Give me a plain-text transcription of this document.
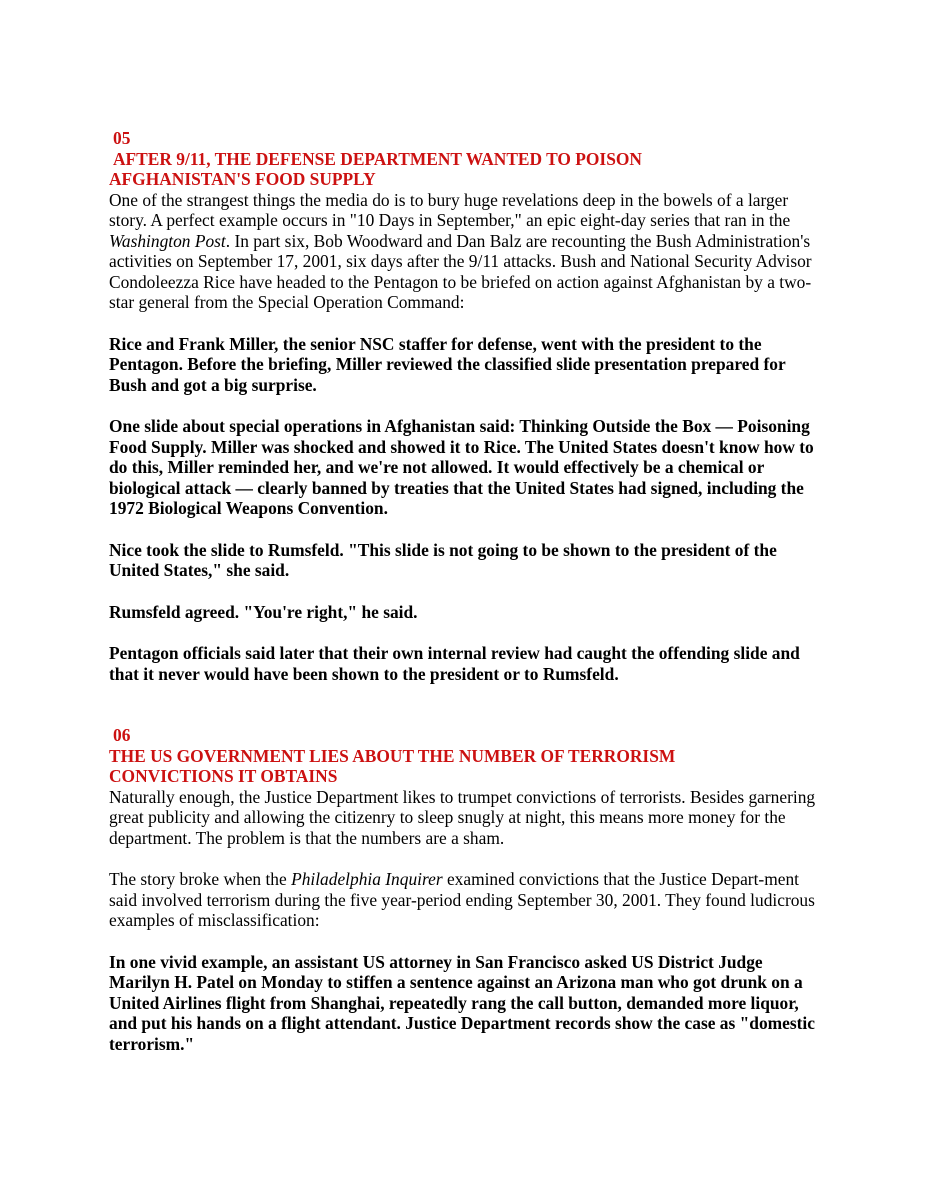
05
AFTER 9/11, THE DEFENSE DEPARTMENT WANTED TO POISON
AFGHANISTAN'S FOOD SUPPLY

One of the strangest things the media do is to bury huge revelations deep in the bowels of a larger story. A perfect example occurs in "10 Days in September," an epic eight-day series that ran in the Washington Post. In part six, Bob Woodward and Dan Balz are recounting the Bush Administration's activities on September 17, 2001, six days after the 9/11 attacks. Bush and National Security Advisor Condoleezza Rice have headed to the Pentagon to be briefed on action against Afghanistan by a two-star general from the Special Operation Command:

Rice and Frank Miller, the senior NSC staffer for defense, went with the president to the Pentagon. Before the briefing, Miller reviewed the classified slide presentation prepared for Bush and got a big surprise.

One slide about special operations in Afghanistan said: Thinking Outside the Box — Poisoning Food Supply. Miller was shocked and showed it to Rice. The United States doesn't know how to do this, Miller reminded her, and we're not allowed. It would effectively be a chemical or biological attack — clearly banned by treaties that the United States had signed, including the 1972 Biological Weapons Convention.

Nice took the slide to Rumsfeld. "This slide is not going to be shown to the president of the United States," she said.

Rumsfeld agreed. "You're right," he said.

Pentagon officials said later that their own internal review had caught the offending slide and that it never would have been shown to the president or to Rumsfeld.

06
THE US GOVERNMENT LIES ABOUT THE NUMBER OF TERRORISM
CONVICTIONS IT OBTAINS

Naturally enough, the Justice Department likes to trumpet convictions of terrorists. Besides garnering great publicity and allowing the citizenry to sleep snugly at night, this means more money for the department. The problem is that the numbers are a sham.

The story broke when the Philadelphia Inquirer examined convictions that the Justice Depart-ment said involved terrorism during the five year-period ending September 30, 2001. They found ludicrous examples of misclassification:

In one vivid example, an assistant US attorney in San Francisco asked US District Judge Marilyn H. Patel on Monday to stiffen a sentence against an Arizona man who got drunk on a United Airlines flight from Shanghai, repeatedly rang the call button, demanded more liquor, and put his hands on a flight attendant. Justice Department records show the case as "domestic terrorism."
